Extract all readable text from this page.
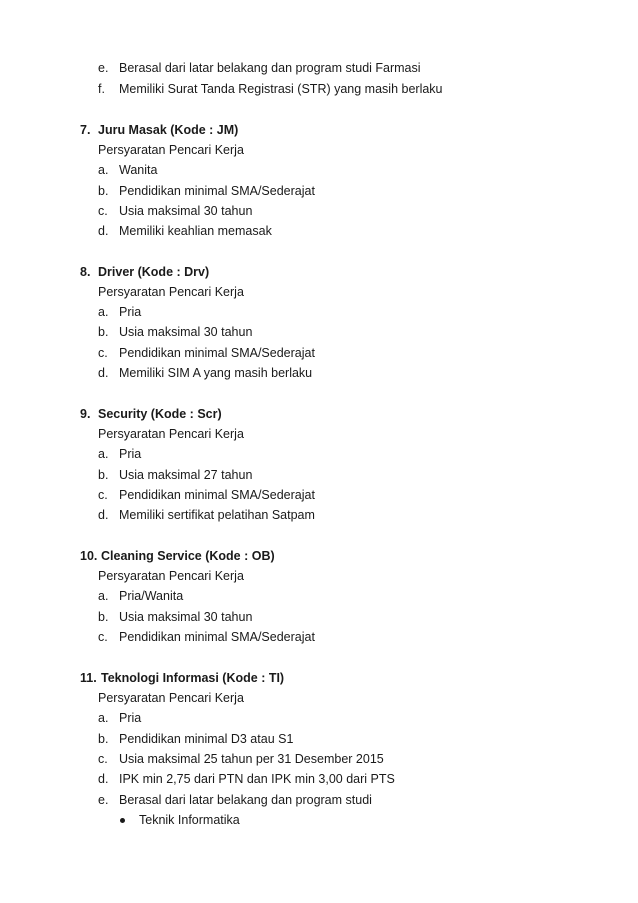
e. Berasal dari latar belakang dan program studi Farmasi
f. Memiliki Surat Tanda Registrasi (STR) yang masih berlaku
7. Juru Masak (Kode : JM)
Persyaratan Pencari Kerja
a. Wanita
b. Pendidikan minimal SMA/Sederajat
c. Usia maksimal 30 tahun
d. Memiliki keahlian memasak
8. Driver (Kode : Drv)
Persyaratan Pencari Kerja
a. Pria
b. Usia maksimal 30 tahun
c. Pendidikan minimal SMA/Sederajat
d. Memiliki SIM A yang masih berlaku
9. Security (Kode : Scr)
Persyaratan Pencari Kerja
a. Pria
b. Usia maksimal 27 tahun
c. Pendidikan minimal SMA/Sederajat
d. Memiliki sertifikat pelatihan Satpam
10. Cleaning Service (Kode : OB)
Persyaratan Pencari Kerja
a. Pria/Wanita
b. Usia maksimal 30 tahun
c. Pendidikan minimal SMA/Sederajat
11. Teknologi Informasi (Kode : TI)
Persyaratan Pencari Kerja
a. Pria
b. Pendidikan minimal D3 atau S1
c. Usia maksimal 25 tahun per 31 Desember 2015
d. IPK min 2,75 dari PTN dan IPK min 3,00 dari PTS
e. Berasal dari latar belakang dan program studi
Teknik Informatika
